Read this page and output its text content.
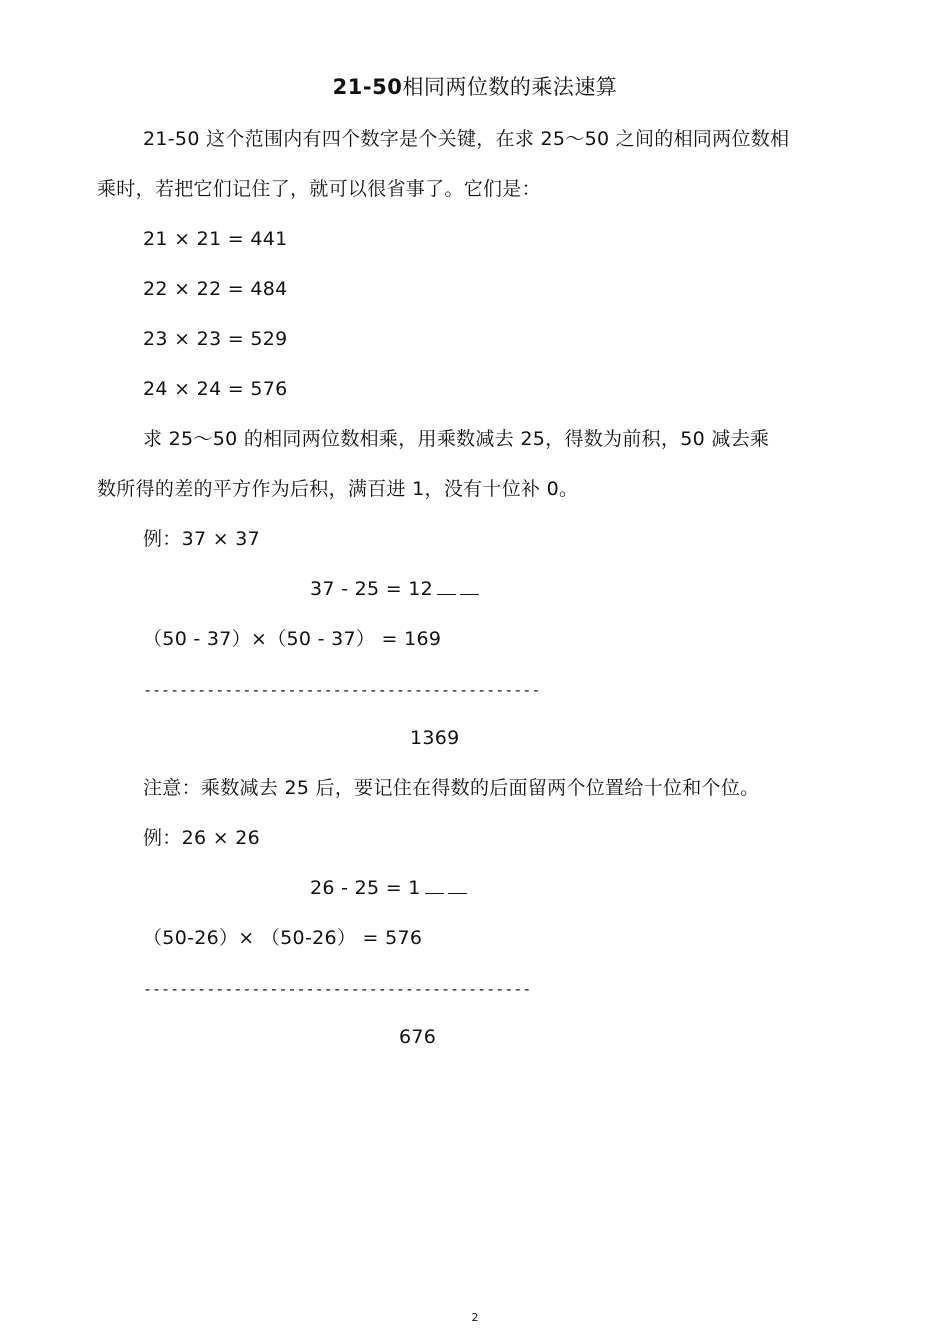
21-50相同两位数的乘法速算
21-50 这个范围内有四个数字是个关键，在求 25～50 之间的相同两位数相
乘时，若把它们记住了，就可以很省事了。它们是：
21 × 21 = 441
22 × 22 = 484
23 × 23 = 529
24 × 24 = 576
求 25～50 的相同两位数相乘，用乘数减去 25，得数为前积，50 减去乘
数所得的差的平方作为后积，满百进 1，没有十位补 0。
例：37 × 37
37 - 25 = 12
（50 - 37）×（50 - 37） = 169
--------------------------------------------
1369
注意：乘数减去 25 后，要记住在得数的后面留两个位置给十位和个位。
例：26 × 26
26 - 25 = 1
（50-26）× （50-26） = 576
-------------------------------------------
676
2
